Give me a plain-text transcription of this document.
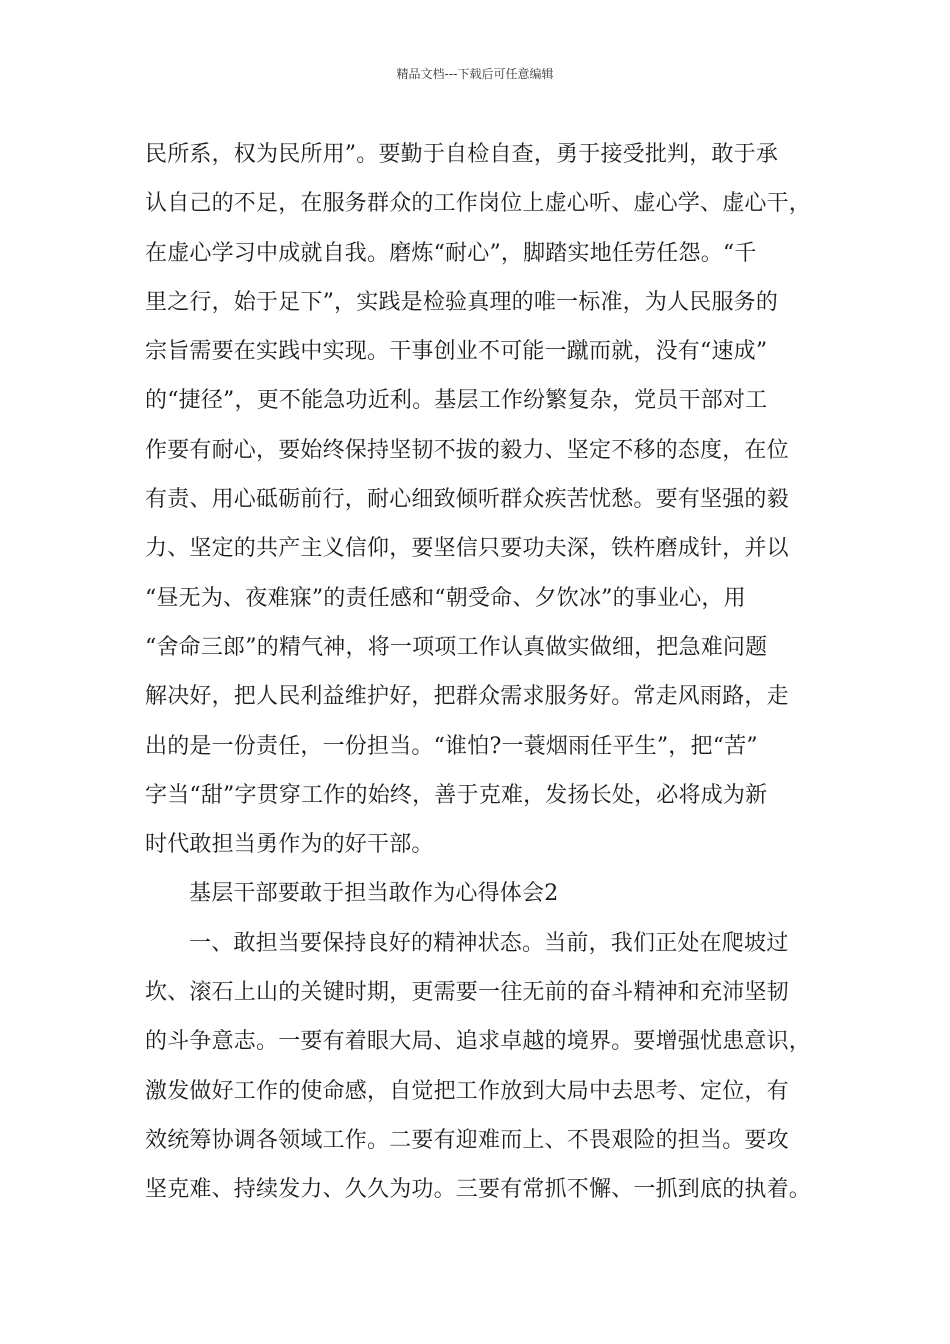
精品文档---下载后可任意编辑
民所系，权为民所用”。要勤于自检自查，勇于接受批判，敢于承
认自己的不足，在服务群众的工作岗位上虚心听、虚心学、虚心干，
在虚心学习中成就自我。磨炼“耐心”，脚踏实地任劳任怨。“千
里之行，始于足下”，实践是检验真理的唯一标准，为人民服务的
宗旨需要在实践中实现。干事创业不可能一蹴而就，没有“速成”
的“捷径”，更不能急功近利。基层工作纷繁复杂，党员干部对工
作要有耐心，要始终保持坚韧不拔的毅力、坚定不移的态度，在位
有责、用心砥砺前行，耐心细致倾听群众疾苦忧愁。要有坚强的毅
力、坚定的共产主义信仰，要坚信只要功夫深，铁杵磨成针，并以
“昼无为、夜难寐”的责任感和“朝受命、夕饮冰”的事业心，用
“舍命三郎”的精气神，将一项项工作认真做实做细，把急难问题
解决好，把人民利益维护好，把群众需求服务好。常走风雨路，走
出的是一份责任，一份担当。“谁怕?一蓑烟雨任平生”，把“苦”
字当“甜”字贯穿工作的始终，善于克难，发扬长处，必将成为新
时代敢担当勇作为的好干部。
基层干部要敢于担当敢作为心得体会2
一、敢担当要保持良好的精神状态。当前，我们正处在爬坡过
坎、滚石上山的关键时期，更需要一往无前的奋斗精神和充沛坚韧
的斗争意志。一要有着眼大局、追求卓越的境界。要增强忧患意识，
激发做好工作的使命感，自觉把工作放到大局中去思考、定位，有
效统筹协调各领域工作。二要有迎难而上、不畏艰险的担当。要攻
坚克难、持续发力、久久为功。三要有常抓不懈、一抓到底的执着。
